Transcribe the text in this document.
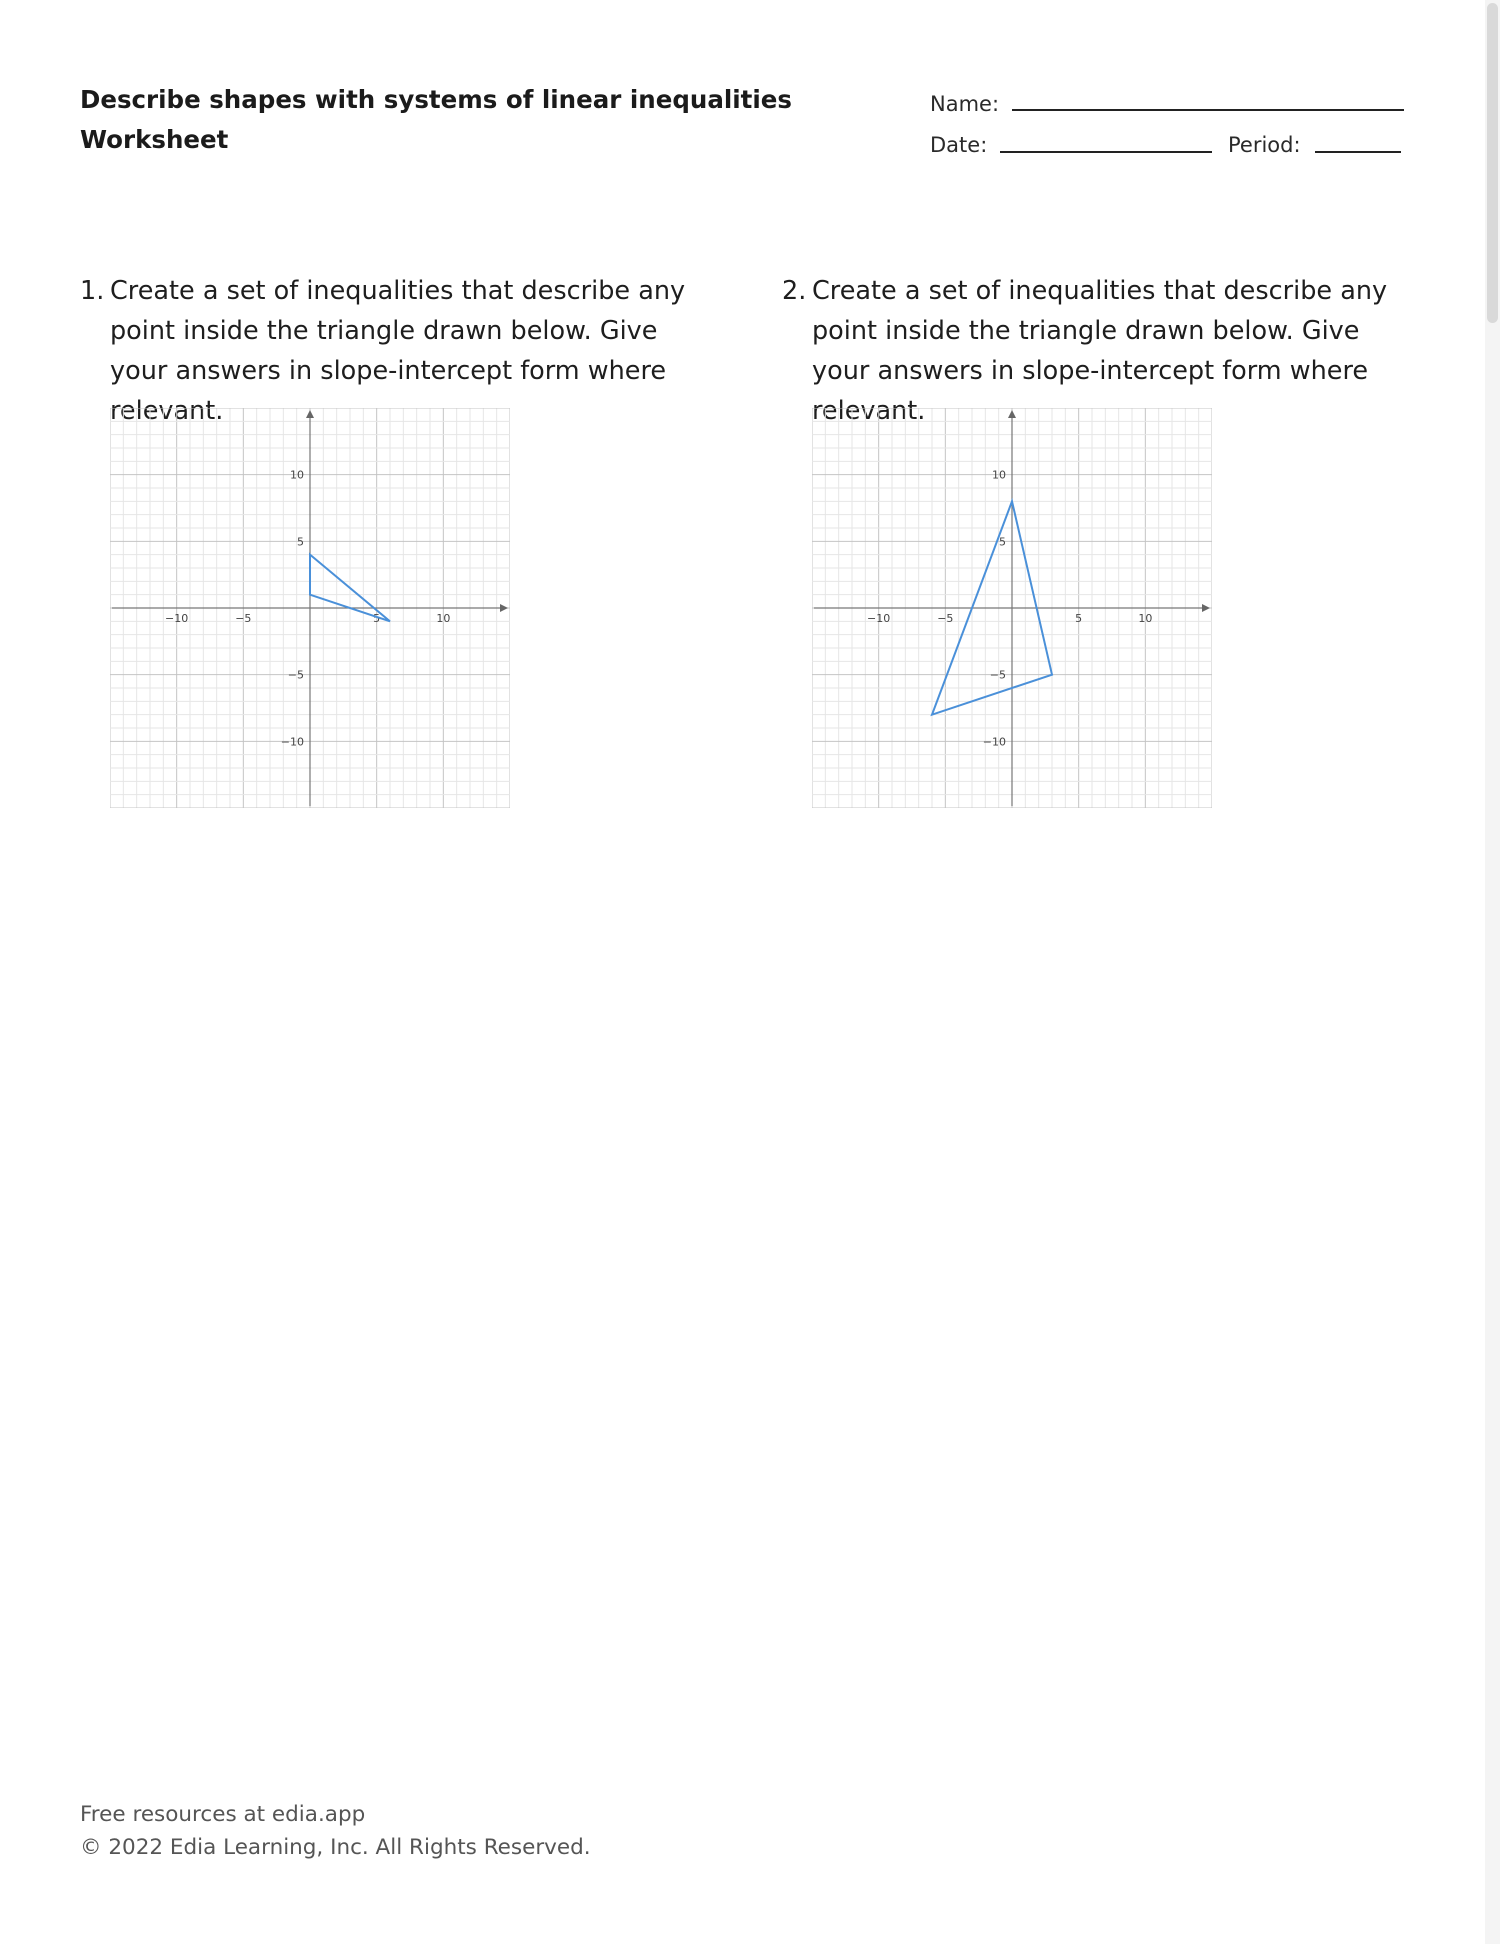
Describe shapes with systems of linear inequalities
Worksheet
Name:
Date:	Period:
1. Create a set of inequalities that describe any point inside the triangle drawn below. Give your answers in slope-intercept form where relevant.
−10	−5	5	10
−10
−5
5
10
2. Create a set of inequalities that describe any point inside the triangle drawn below. Give your answers in slope-intercept form where relevant.
−10	−5	5	10
−10
−5
5
10
Free resources at edia.app
© 2022 Edia Learning, Inc. All Rights Reserved.
